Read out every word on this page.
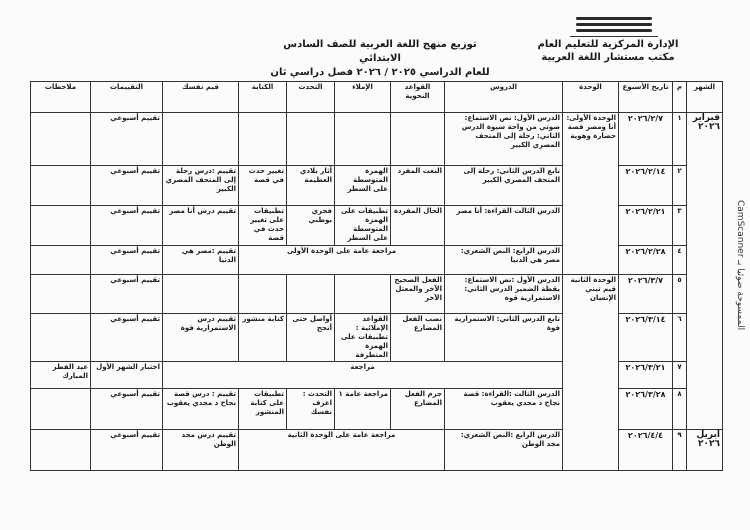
الإدارة المركزية للتعليم العام
مكتب مستشار اللغة العربية
توزيع منهج اللغة العربية للصف السادس الابتدائي
للعام الدراسي ٢٠٢٥ / ٢٠٢٦ فصل دراسي ثان
CamScanner الممسوحة ضوئيا بـ
الشهر	م	تاريخ الأسبوع	الوحدة	الدروس	القواعد النحوية	الإملاء	التحدث	الكتابة	قيم نفسك	التقييمات	ملاحظات
فبراير ٢٠٢٦	١	٢٠٢٦/٢/٧	الوحدة الأولى: أنا ومصر قصة حضارة وهوية	الدرس الأول: نص الاستماع: صوتي من واحة سيوة الدرس الثاني: رحلة إلى المتحف المصري الكبير						تقييم أسبوعي	
	٢	٢٠٢٦/٢/١٤		تابع الدرس الثاني: رحلة إلى المتحف المصري الكبير	النعت المفرد	الهمزة المتوسطة على السطر	آثار بلادي العظيمة	تغيير حدث في قصة	تقييم :درس رحلة إلى المتحف المصري الكبير	تقييم أسبوعي	
	٣	٢٠٢٦/٢/٢١		الدرس الثالث القراءة: أنا مصر	الحال المفردة	تطبيقات على الهمزة المتوسطة على السطر	فخري بوطني	تطبيقات على تغيير حدث في قصة	تقييم درس أنا مصر	تقييم أسبوعي	
	٤	٢٠٢٦/٢/٢٨		الدرس الرابع: النص الشعري: مصر هي الدنيا	مراجعة عامة على الوحدة الأولى				تقييم :مصر هي الدنيا	تقييم أسبوعي	
	٥	٢٠٢٦/٣/٧	الوحدة الثانية قيم تبني الإنسان	الدرس الأول :نص الاستماع: يقظة الضمير الدرس الثاني: الاستمرارية قوة	الفعل الصحيح الآخر والمعتل الآخر					تقييم أسبوعي	
	٦	٢٠٢٦/٣/١٤		تابع الدرس الثاني: الاستمرارية قوة	نصب الفعل المضارع	القواعد الإملائية : تطبيقات على الهمزة المتطرفة	أواصل حتى أنجح	كتابة منشور	تقييم درس الاستمرارية قوة	تقييم أسبوعي	
	٧	٢٠٢٦/٣/٢١		مراجعة						اختبار الشهر الأول	عيد الفطر المبارك
	٨	٢٠٢٦/٣/٢٨		الدرس الثالث :القراءة: قصة نجاح د مجدي يعقوب	جزم الفعل المضارع	مراجعة عامة ١	التحدث : اعرف نفسك	تطبيقات على كتابة المنشور	تقييم : درس قصة نجاح د مجدي يعقوب	تقييم أسبوعي	
أبريل ٢٠٢٦	٩	٢٠٢٦/٤/٤		الدرس الرابع :النص الشعري: مجد الوطن	مراجعة عامة على الوحدة الثانية				تقييم درس مجد الوطن	تقييم أسبوعي	
